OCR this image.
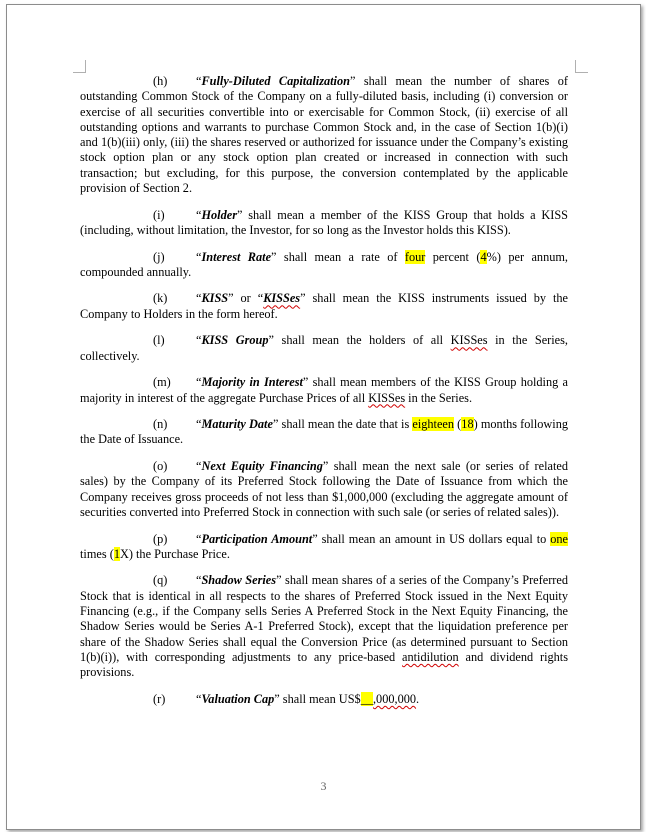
(h) “Fully-Diluted Capitalization” shall mean the number of shares of outstanding Common Stock of the Company on a fully-diluted basis, including (i) conversion or exercise of all securities convertible into or exercisable for Common Stock, (ii) exercise of all outstanding options and warrants to purchase Common Stock and, in the case of Section 1(b)(i) and 1(b)(iii) only, (iii) the shares reserved or authorized for issuance under the Company’s existing stock option plan or any stock option plan created or increased in connection with such transaction; but excluding, for this purpose, the conversion contemplated by the applicable provision of Section 2.

(i)	“Holder” shall mean a member of the KISS Group that holds a KISS (including, without limitation, the Investor, for so long as the Investor holds this KISS).

(j)	“Interest Rate” shall mean a rate of four percent (4%) per annum, compounded annually.

(k) “KISS” or “KISSes” shall mean the KISS instruments issued by the Company to Holders in the form hereof.

(l)	“KISS Group” shall mean the holders of all KISSes in the Series, collectively.

(m) “Majority in Interest” shall mean members of the KISS Group holding a majority in interest of the aggregate Purchase Prices of all KISSes in the Series.

(n) “Maturity Date” shall mean the date that is eighteen (18) months following the Date of Issuance.

(o) “Next Equity Financing” shall mean the next sale (or series of related sales) by the Company of its Preferred Stock following the Date of Issuance from which the Company receives gross proceeds of not less than $1,000,000 (excluding the aggregate amount of securities converted into Preferred Stock in connection with such sale (or series of related sales)).

(p) “Participation Amount” shall mean an amount in US dollars equal to one times (1X) the Purchase Price.

(q) “Shadow Series” shall mean shares of a series of the Company’s Preferred Stock that is identical in all respects to the shares of Preferred Stock issued in the Next Equity Financing (e.g., if the Company sells Series A Preferred Stock in the Next Equity Financing, the Shadow Series would be Series A-1 Preferred Stock), except that the liquidation preference per share of the Shadow Series shall equal the Conversion Price (as determined pursuant to Section 1(b)(i)), with corresponding adjustments to any price-based antidilution and dividend rights provisions.

(r) “Valuation Cap” shall mean US$__,000,000.

3
